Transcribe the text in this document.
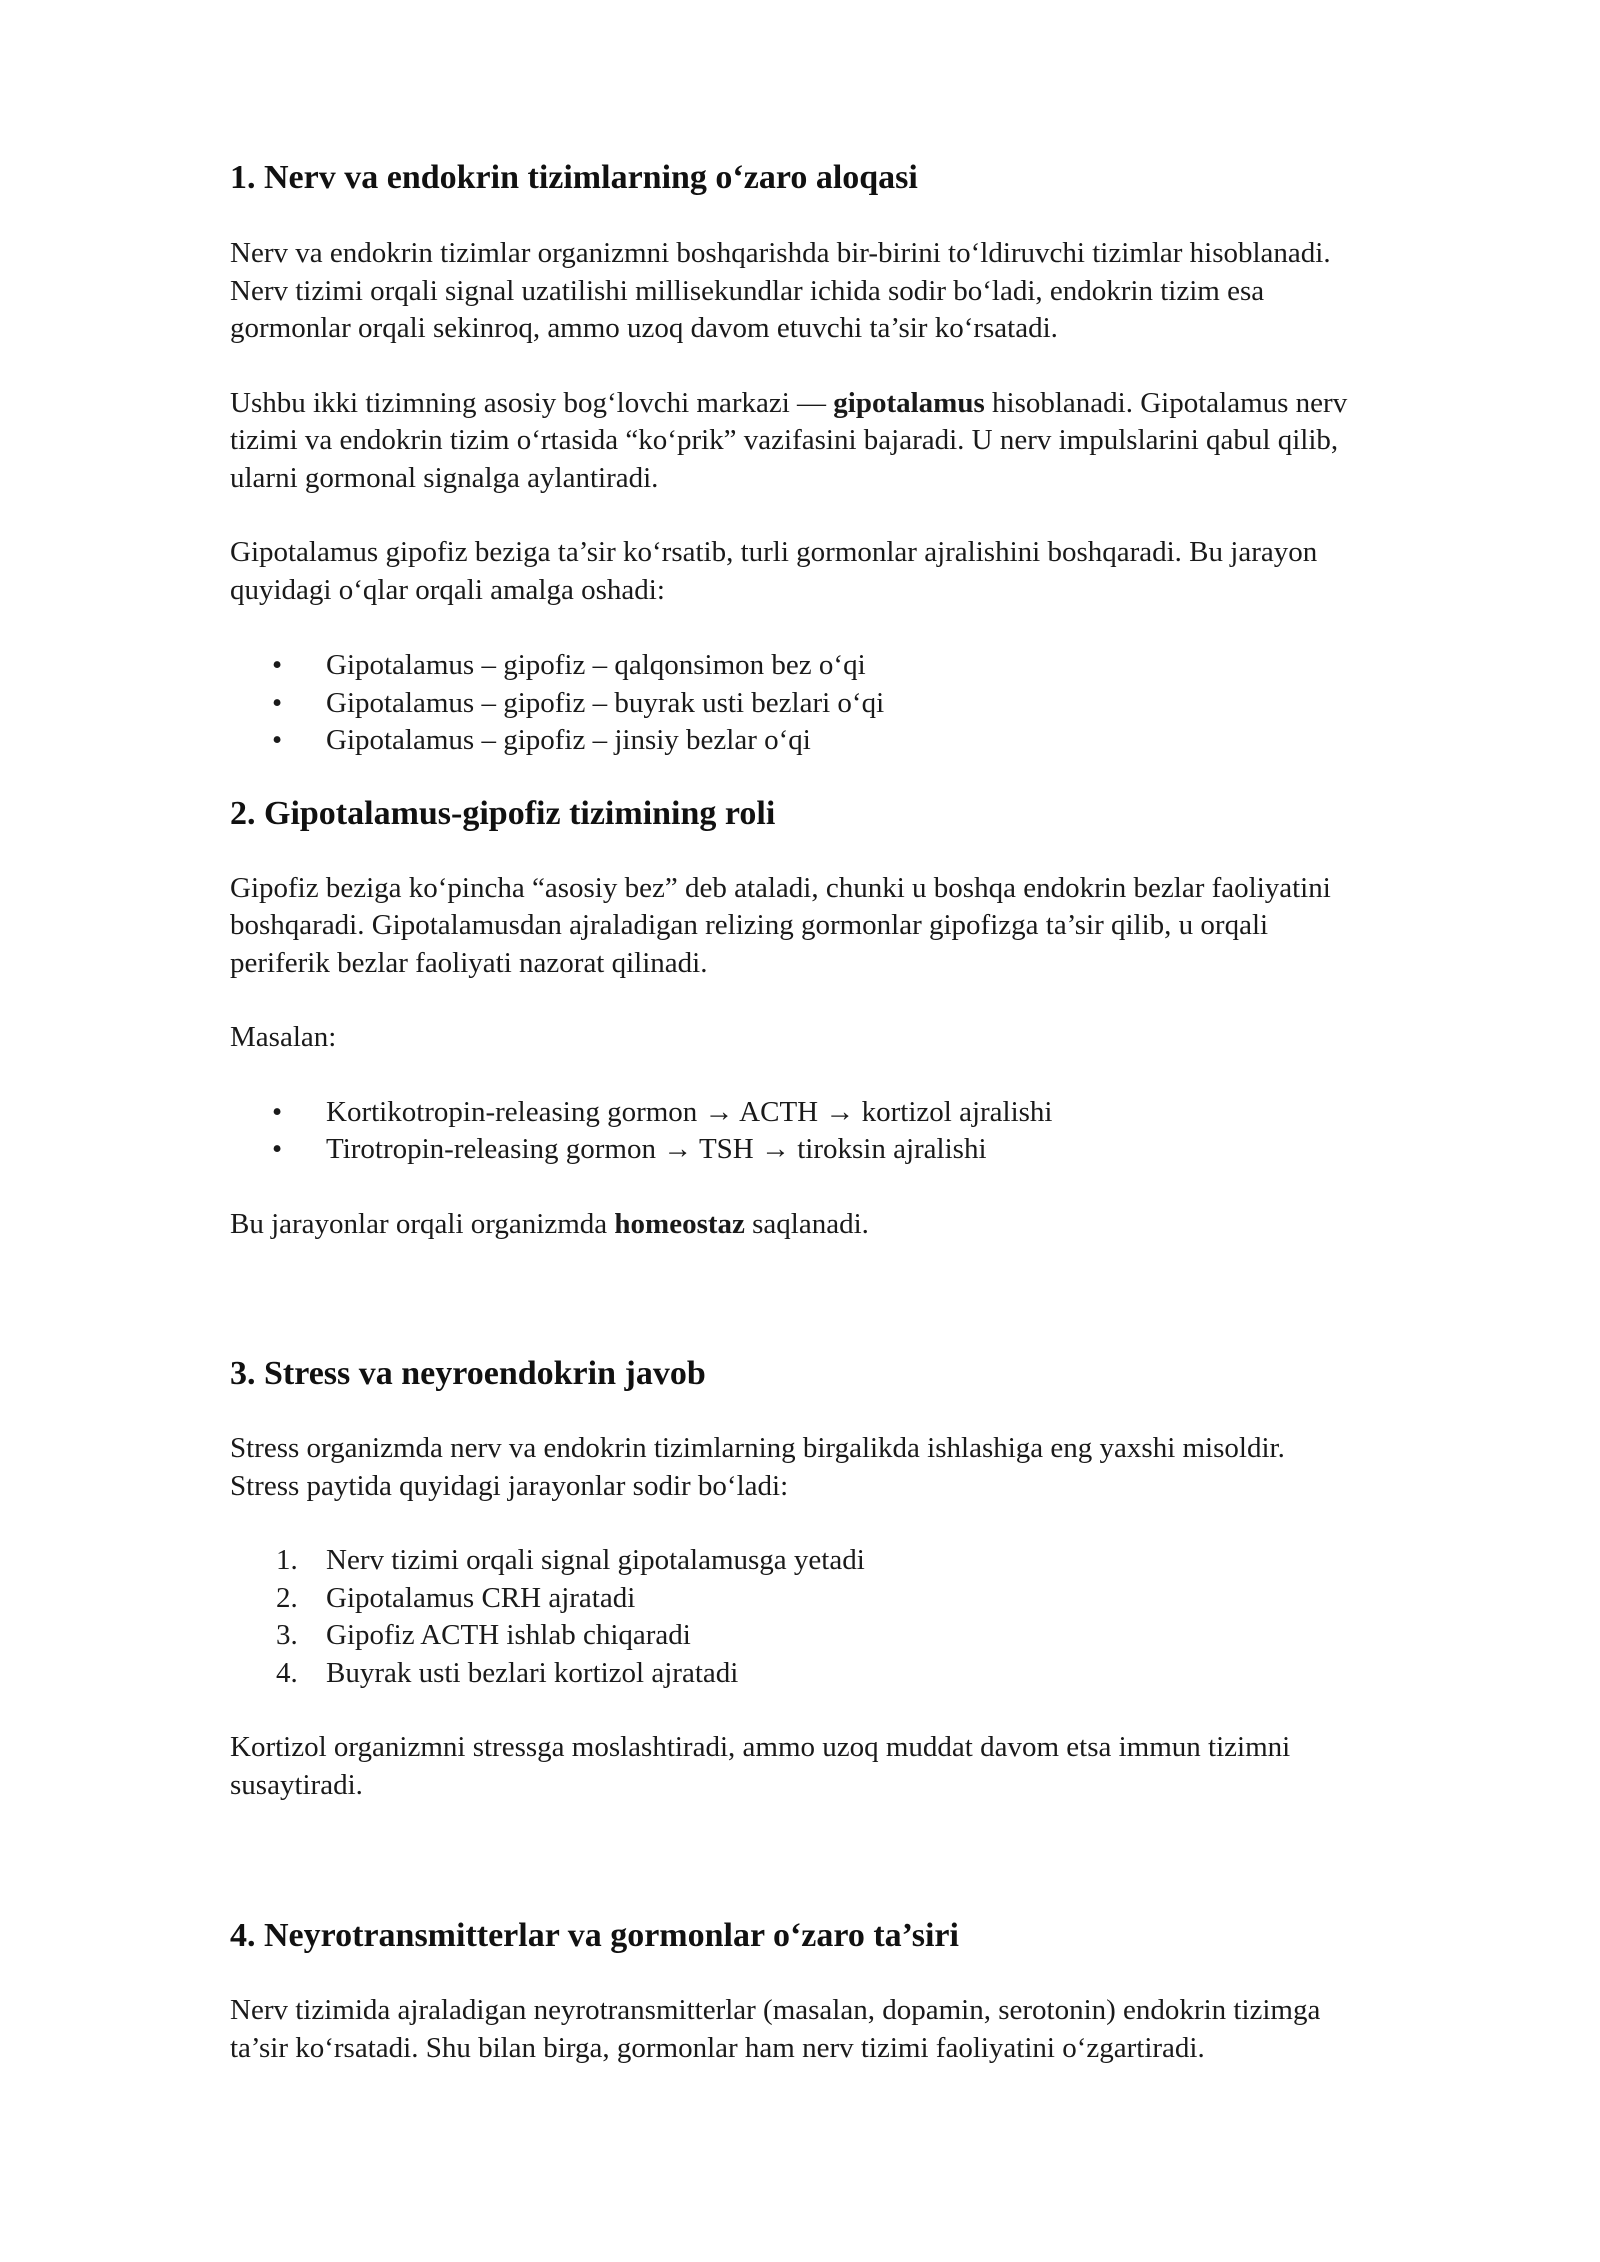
1. Nerv va endokrin tizimlarning o‘zaro aloqasi

Nerv va endokrin tizimlar organizmni boshqarishda bir-birini to‘ldiruvchi tizimlar hisoblanadi.
Nerv tizimi orqali signal uzatilishi millisekundlar ichida sodir bo‘ladi, endokrin tizim esa
gormonlar orqali sekinroq, ammo uzoq davom etuvchi ta’sir ko‘rsatadi.

Ushbu ikki tizimning asosiy bog‘lovchi markazi — gipotalamus hisoblanadi. Gipotalamus nerv
tizimi va endokrin tizim o‘rtasida “ko‘prik” vazifasini bajaradi. U nerv impulslarini qabul qilib,
ularni gormonal signalga aylantiradi.

Gipotalamus gipofiz beziga ta’sir ko‘rsatib, turli gormonlar ajralishini boshqaradi. Bu jarayon
quyidagi o‘qlar orqali amalga oshadi:

• Gipotalamus – gipofiz – qalqonsimon bez o‘qi
• Gipotalamus – gipofiz – buyrak usti bezlari o‘qi
• Gipotalamus – gipofiz – jinsiy bezlar o‘qi
2. Gipotalamus-gipofiz tizimining roli

Gipofiz beziga ko‘pincha “asosiy bez” deb ataladi, chunki u boshqa endokrin bezlar faoliyatini
boshqaradi. Gipotalamusdan ajraladigan relizing gormonlar gipofizga ta’sir qilib, u orqali
periferik bezlar faoliyati nazorat qilinadi.

Masalan:

• Kortikotropin-releasing gormon → ACTH → kortizol ajralishi
• Tirotropin-releasing gormon → TSH → tiroksin ajralishi

Bu jarayonlar orqali organizmda homeostaz saqlanadi.

3. Stress va neyroendokrin javob

Stress organizmda nerv va endokrin tizimlarning birgalikda ishlashiga eng yaxshi misoldir.
Stress paytida quyidagi jarayonlar sodir bo‘ladi:

1. Nerv tizimi orqali signal gipotalamusga yetadi
2. Gipotalamus CRH ajratadi
3. Gipofiz ACTH ishlab chiqaradi
4. Buyrak usti bezlari kortizol ajratadi

Kortizol organizmni stressga moslashtiradi, ammo uzoq muddat davom etsa immun tizimni
susaytiradi.

4. Neyrotransmitterlar va gormonlar o‘zaro ta’siri

Nerv tizimida ajraladigan neyrotransmitterlar (masalan, dopamin, serotonin) endokrin tizimga
ta’sir ko‘rsatadi. Shu bilan birga, gormonlar ham nerv tizimi faoliyatini o‘zgartiradi.
